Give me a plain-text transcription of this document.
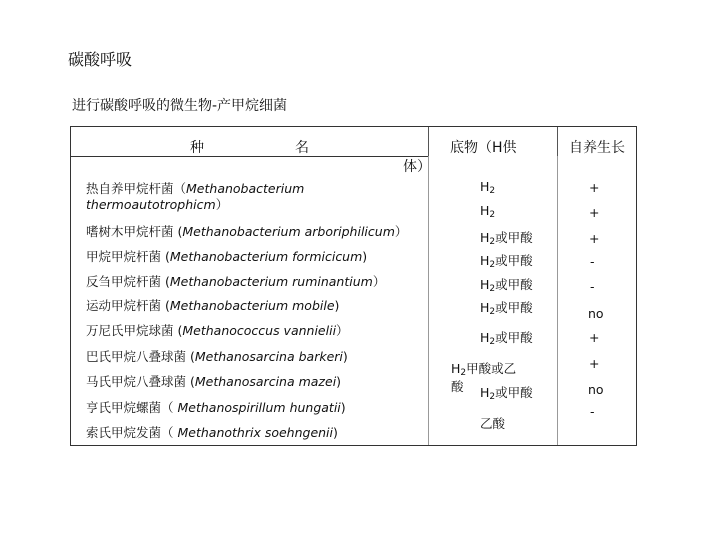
碳酸呼吸
进行碳酸呼吸的微生物-产甲烷细菌
种	名	底物（H供
体）
自养生长
热自养甲烷杆菌（Methanobacterium
thermoautotrophicm）
嗜树木甲烷杆菌 (Methanobacterium arboriphilicum）
甲烷甲烷杆菌 (Methanobacterium formicicum)
反刍甲烷杆菌 (Methanobacterium ruminantium）
运动甲烷杆菌 (Methanobacterium mobile)
万尼氏甲烷球菌 (Methanococcus vannielii）
巴氏甲烷八叠球菌 (Methanosarcina barkeri)
马氏甲烷八叠球菌 (Methanosarcina mazei)
亨氏甲烷螺菌（ Methanospirillum hungatii)
索氏甲烷发菌（ Methanothrix soehngenii)
$H_2$
$H_2$
$H_2$或甲酸
$H_2$或甲酸
$H_2$或甲酸
$H_2$或甲酸
$H_2$或甲酸
$H_2$甲酸或乙
酸 $H_2$或甲酸
乙酸
+
+
+
-
-
no
+
+
no
-
